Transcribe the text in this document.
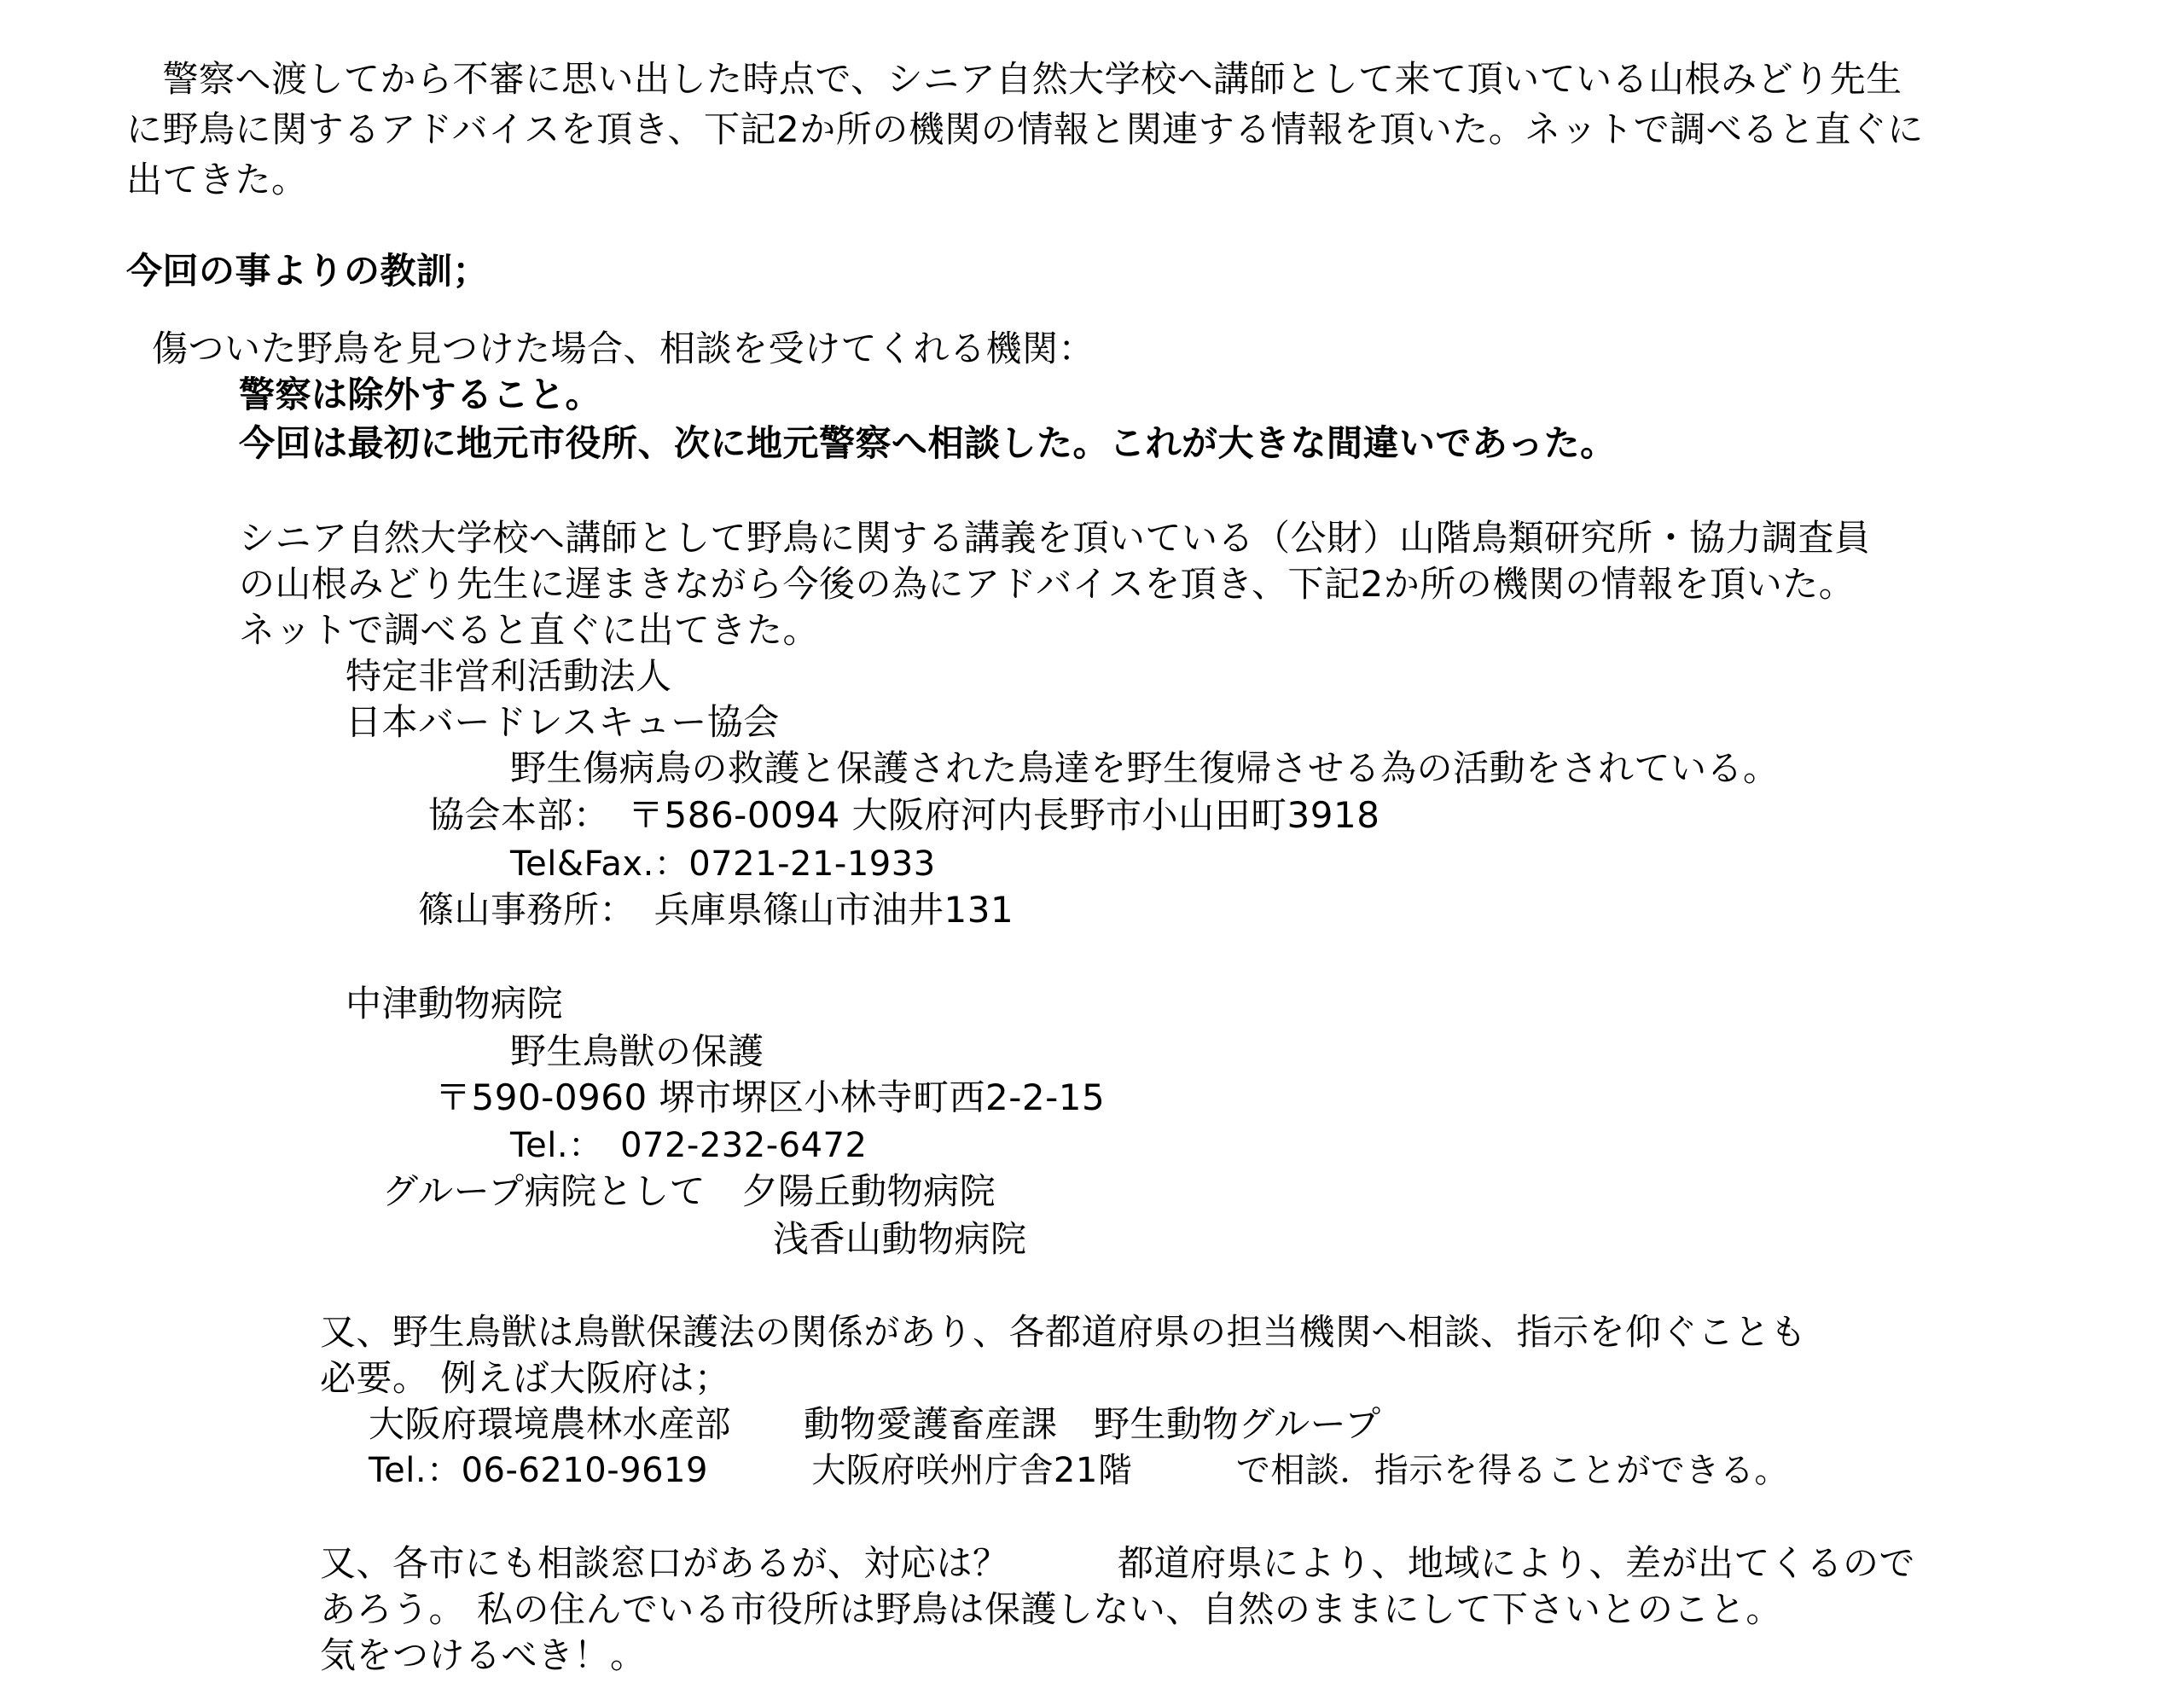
　警察へ渡してから不審に思い出した時点で、シニア自然大学校へ講師として来て頂いている山根みどり先生
に野鳥に関するアドバイスを頂き、下記2か所の機関の情報と関連する情報を頂いた。ネットで調べると直ぐに
出てきた。
今回の事よりの教訓；
傷ついた野鳥を見つけた場合、相談を受けてくれる機関：
警察は除外すること。
今回は最初に地元市役所、次に地元警察へ相談した。これが大きな間違いであった。
シニア自然大学校へ講師として野鳥に関する講義を頂いている（公財）山階鳥類研究所・協力調査員
の山根みどり先生に遅まきながら今後の為にアドバイスを頂き、下記2か所の機関の情報を頂いた。
ネットで調べると直ぐに出てきた。
特定非営利活動法人
日本バードレスキュー協会
野生傷病鳥の救護と保護された鳥達を野生復帰させる為の活動をされている。
協会本部：　〒586-0094 大阪府河内長野市小山田町3918
Tel&Fax.：0721-21-1933
篠山事務所：　兵庫県篠山市油井131
中津動物病院
野生鳥獣の保護
〒590-0960 堺市堺区小林寺町西2-2-15
Tel.：　072-232-6472
グループ病院として　夕陽丘動物病院
浅香山動物病院
又、野生鳥獣は鳥獣保護法の関係があり、各都道府県の担当機関へ相談、指示を仰ぐことも
必要。 例えば大阪府は；
大阪府環境農林水産部　　動物愛護畜産課　野生動物グループ
Tel.：06-6210-9619　　　大阪府咲州庁舎21階　　　で相談．指示を得ることができる。
又、各市にも相談窓口があるが、対応は？　　　都道府県により、地域により、差が出てくるので
あろう。 私の住んでいる市役所は野鳥は保護しない、自然のままにして下さいとのこと。
気をつけるべき！。
